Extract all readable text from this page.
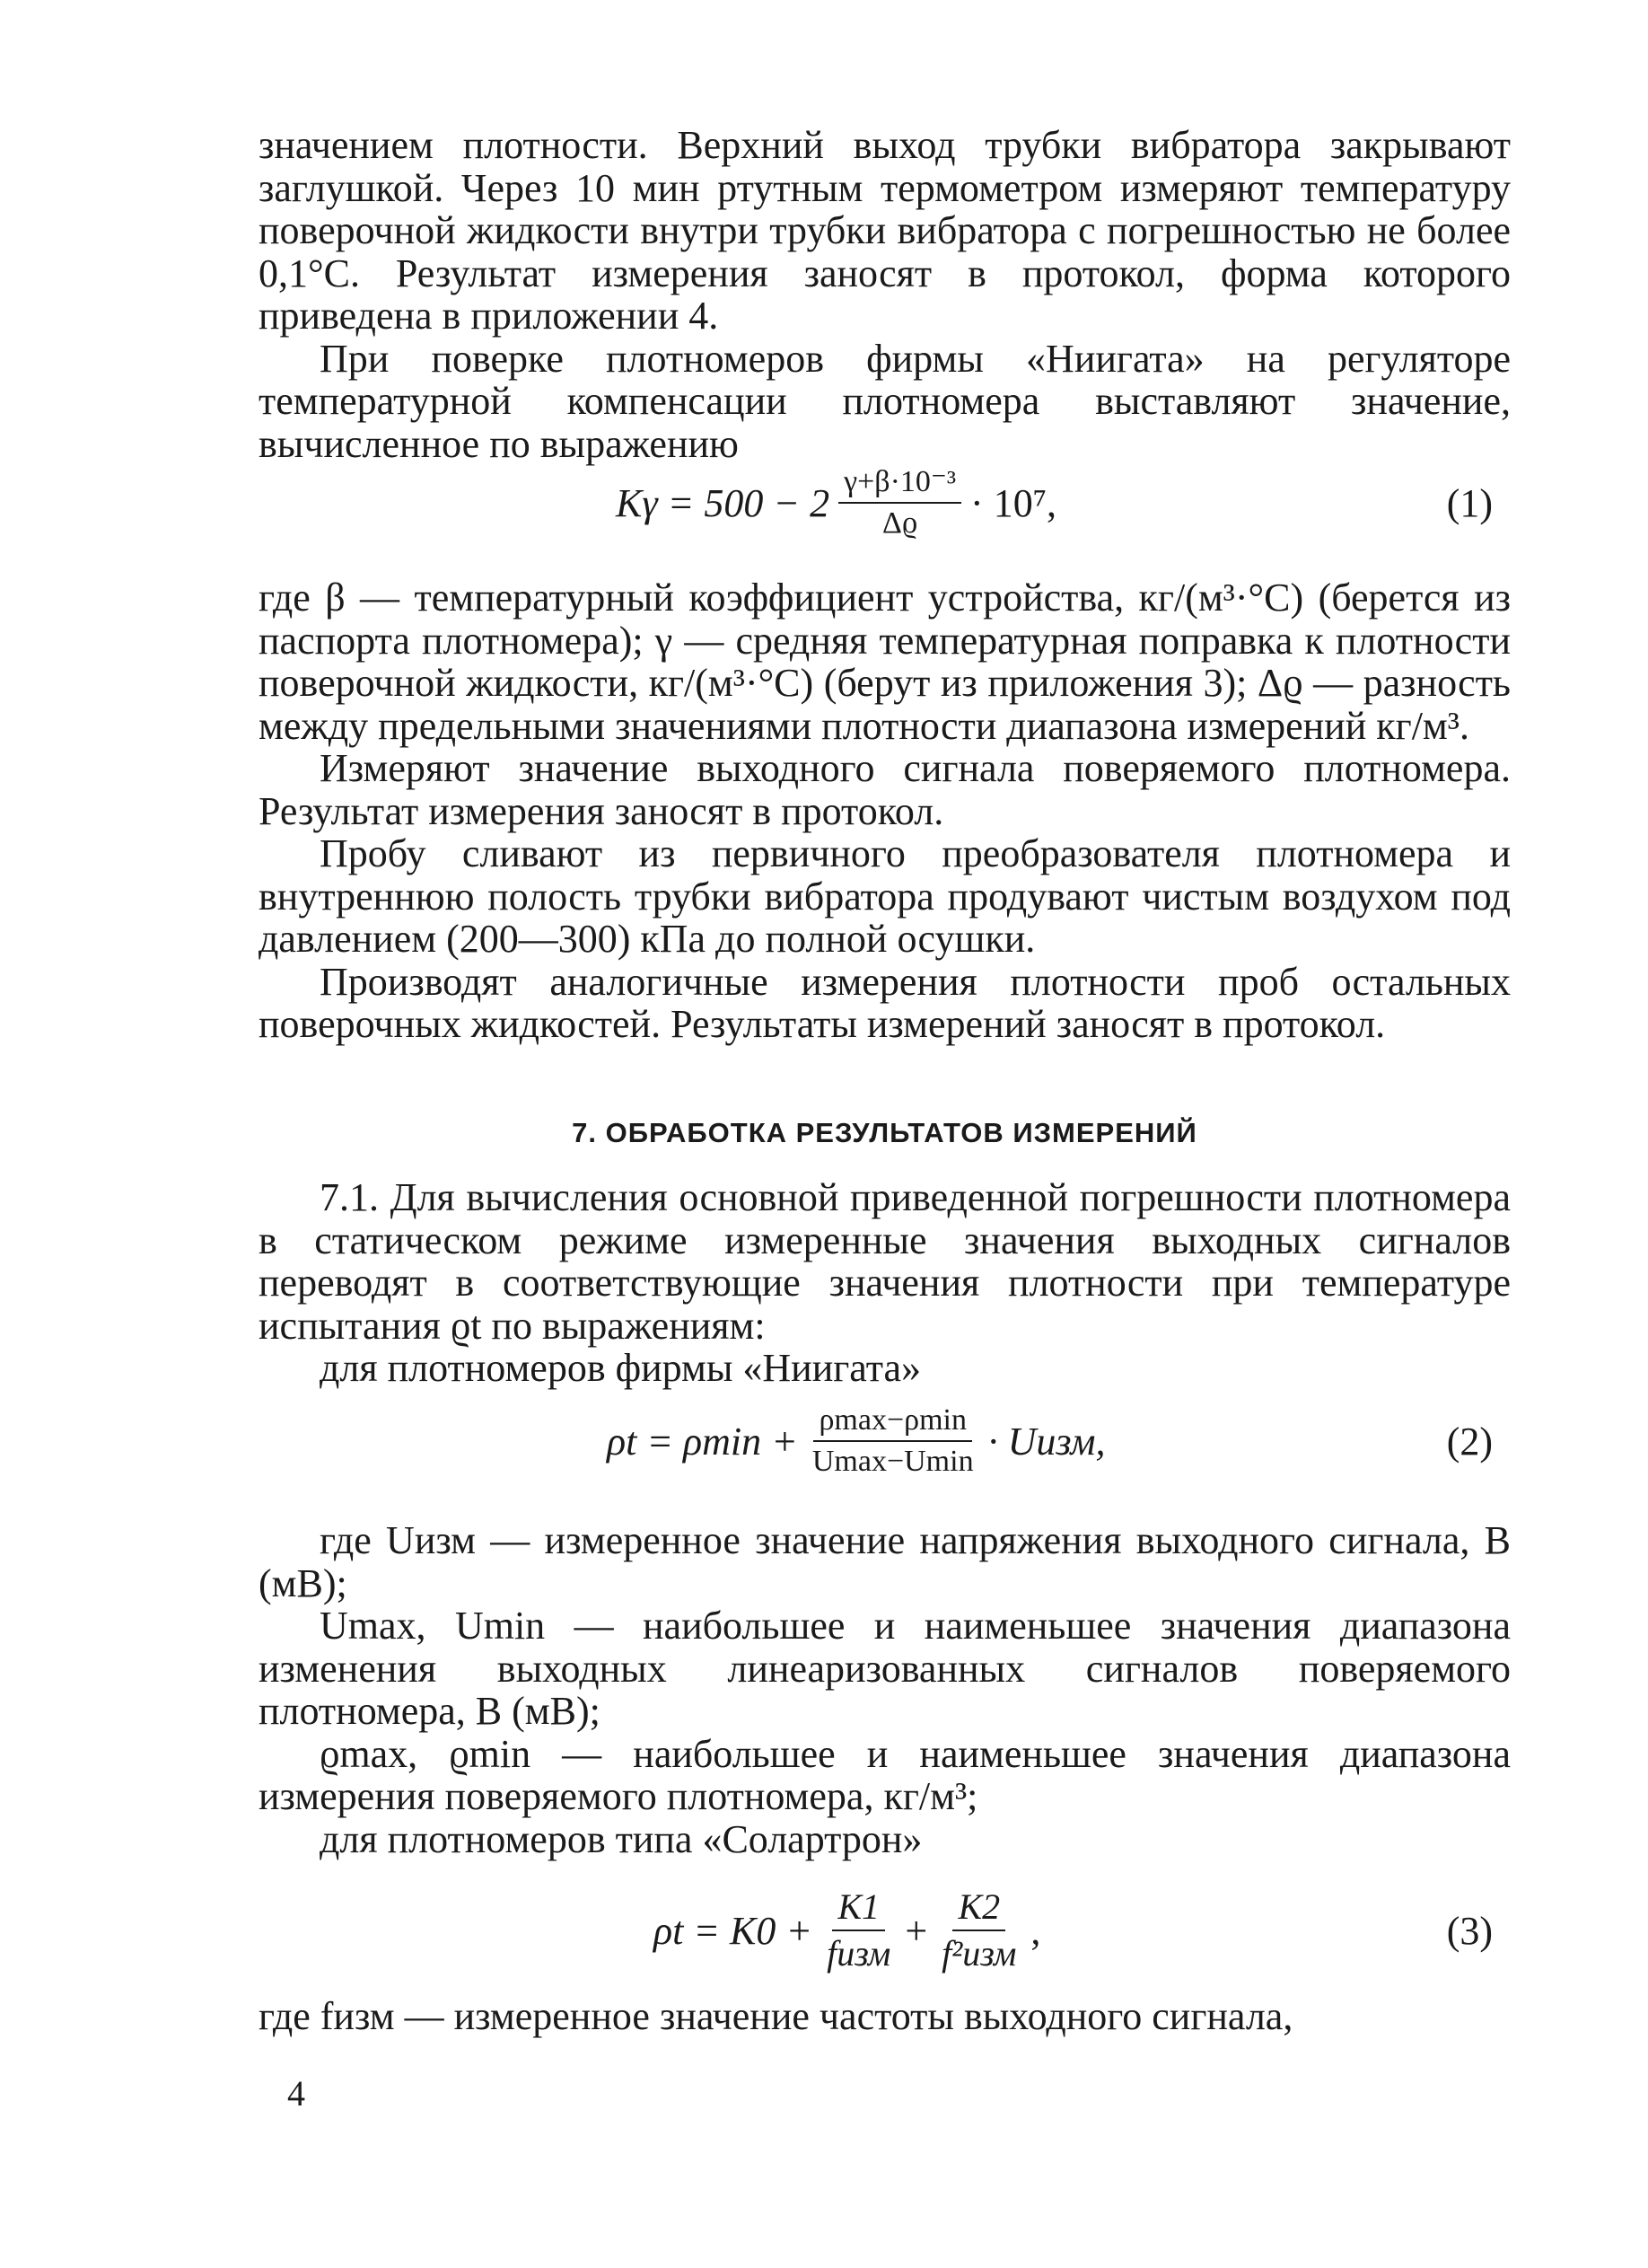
значением плотности. Верхний выход трубки вибратора закрывают заглушкой. Через 10 мин ртутным термометром измеряют температуру поверочной жидкости внутри трубки вибратора с погрешностью не более 0,1°С. Результат измерения заносят в протокол, форма которого приведена в приложении 4.

При поверке плотномеров фирмы «Ниигата» на регуляторе температурной компенсации плотномера выставляют значение, вычисленное по выражению

$K\gamma = 500 - 2 \frac{\text{γ+β·10⁻³}}{\Delta ϱ} \cdot 10^7$,	(1)

где β — температурный коэффициент устройства, кг/(м³·°С) (берется из паспорта плотномера); γ — средняя температурная поправка к плотности поверочной жидкости, кг/(м³·°С) (берут из приложения 3); Δϱ — разность между предельными значениями плотности диапазона измерений кг/м³.

Измеряют значение выходного сигнала поверяемого плотномера. Результат измерения заносят в протокол.

Пробу сливают из первичного преобразователя плотномера и внутреннюю полость трубки вибратора продувают чистым воздухом под давлением (200—300) кПа до полной осушки.

Производят аналогичные измерения плотности проб остальных поверочных жидкостей. Результаты измерений заносят в протокол.

7. ОБРАБОТКА РЕЗУЛЬТАТОВ ИЗМЕРЕНИЙ

7.1. Для вычисления основной приведенной погрешности плотномера в статическом режиме измеренные значения выходных сигналов переводят в соответствующие значения плотности при температуре испытания ϱt по выражениям:

для плотномеров фирмы «Ниигата»

$\rho t = \rho\min + \frac{\rho\max-\rho\min}{Umax-Umin}$ · Uизм,	(2)

где Uизм — измеренное значение напряжения выходного сигнала, В (мВ);

Umax, Umin — наибольшее и наименьшее значения диапазона изменения выходных линеаризованных сигналов поверяемого плотномера, В (мВ);

ϱmax, ϱmin — наибольшее и наименьшее значения диапазона измерения поверяемого плотномера, кг/м³;

для плотномеров типа «Солартрон»

$\rho t = K0 + \frac{K1}{\text{fизм}} + \frac{K2}{\text{f²изм}}$ ,	(3)

где fизм — измеренное значение частоты выходного сигнала,

4
